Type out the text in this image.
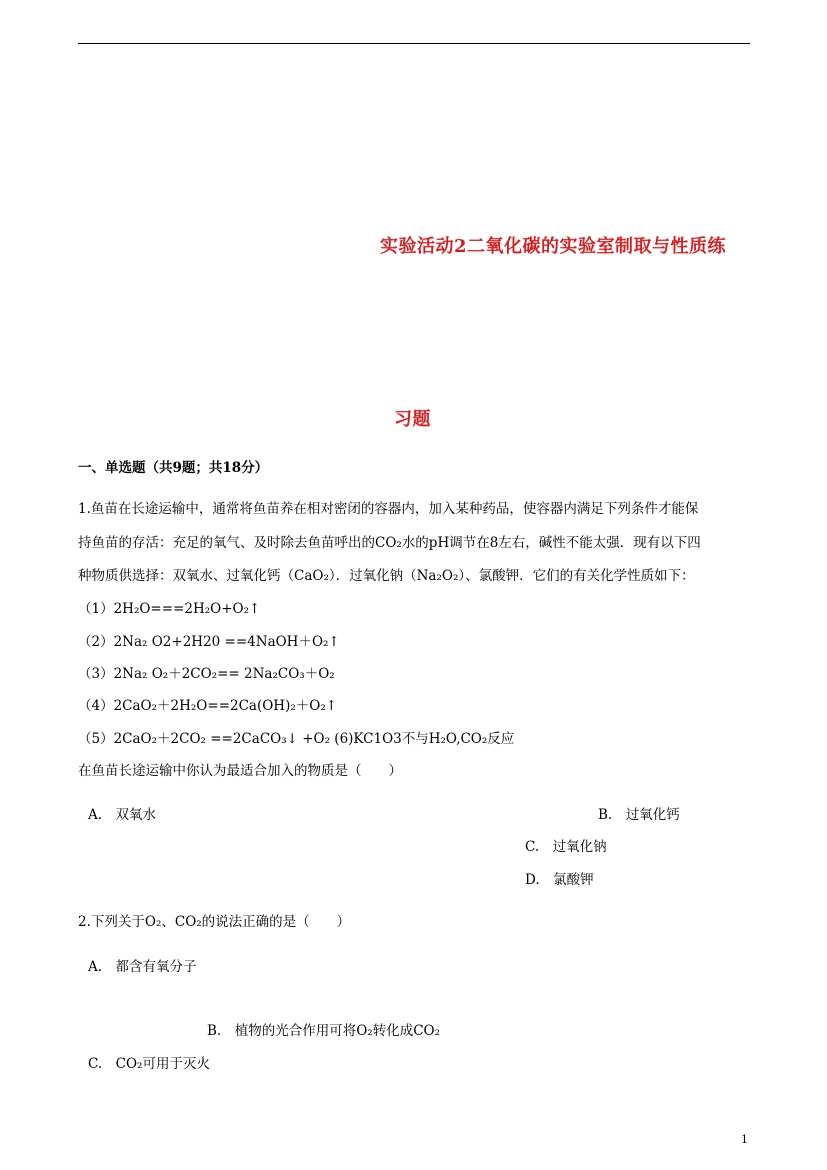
实验活动2二氧化碳的实验室制取与性质练
习题
一、单选题（共9题；共18分）
1.鱼苗在长途运输中，通常将鱼苗养在相对密闭的容器内，加入某种药品，使容器内满足下列条件才能保
持鱼苗的存活：充足的氧气、及时除去鱼苗呼出的CO₂水的pH调节在8左右，碱性不能太强．现有以下四
种物质供选择：双氧水、过氧化钙（CaO₂）．过氧化钠（Na₂O₂）、氯酸钾．它们的有关化学性质如下：
（1）2H₂O===2H₂O+O₂↑
（2）2Na₂ O2+2H20 ==4NaOH＋O₂↑
（3）2Na₂ O₂＋2CO₂== 2Na₂CO₃＋O₂
（4）2CaO₂＋2H₂O==2Ca(OH)₂＋O₂↑
（5）2CaO₂＋2CO₂ ==2CaCO₃↓ +O₂ (6)KC1O3不与H₂O,CO₂反应
在鱼苗长途运输中你认为最适合加入的物质是（　　）
A.　双氧水	B.　过氧化钙
C.　过氧化钠
D.　氯酸钾
2.下列关于O₂、CO₂的说法正确的是（　　）
A.　都含有氧分子
B.　植物的光合作用可将O₂转化成CO₂
C.　CO₂可用于灭火
1
